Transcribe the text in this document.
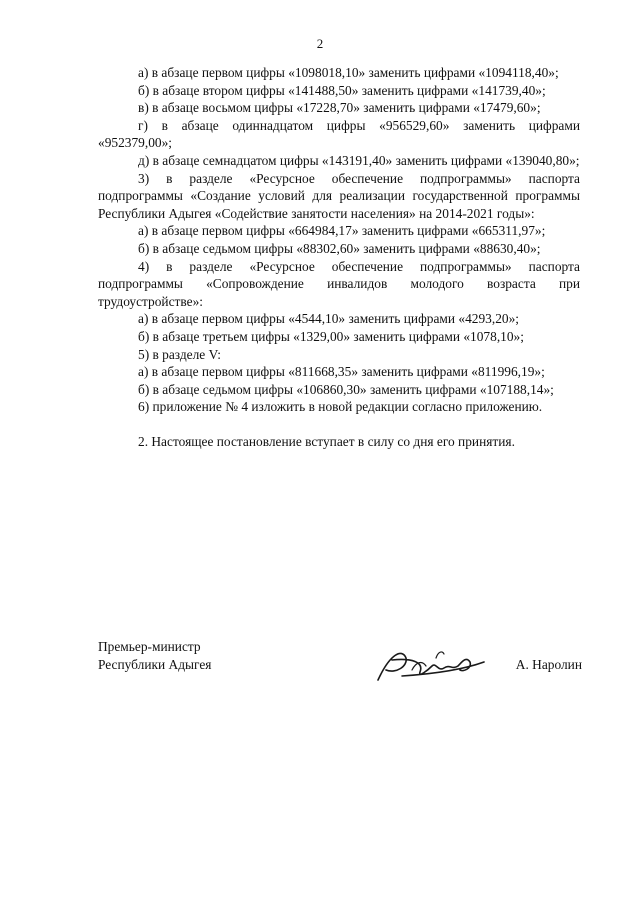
2

а) в абзаце первом цифры «1098018,10» заменить цифрами «1094118,40»;

б) в абзаце втором цифры «141488,50» заменить цифрами «141739,40»;

в) в абзаце восьмом цифры «17228,70» заменить цифрами «17479,60»;

г) в абзаце одиннадцатом цифры «956529,60» заменить цифрами «952379,00»;

д) в абзаце семнадцатом цифры «143191,40» заменить цифрами «139040,80»;

3) в разделе «Ресурсное обеспечение подпрограммы» паспорта подпрограммы «Создание условий для реализации государственной программы Республики Адыгея «Содействие занятости населения» на 2014-2021 годы»:

а) в абзаце первом цифры «664984,17» заменить цифрами «665311,97»;

б) в абзаце седьмом цифры «88302,60» заменить цифрами «88630,40»;

4) в разделе «Ресурсное обеспечение подпрограммы» паспорта подпрограммы «Сопровождение инвалидов молодого возраста при трудоустройстве»:

а) в абзаце первом цифры «4544,10» заменить цифрами «4293,20»;

б) в абзаце третьем цифры «1329,00» заменить цифрами «1078,10»;

5) в разделе V:

а) в абзаце первом цифры «811668,35» заменить цифрами «811996,19»;

б) в абзаце седьмом цифры «106860,30» заменить цифрами «107188,14»;

6) приложение № 4 изложить в новой редакции согласно приложению.

2. Настоящее постановление вступает в силу со дня его принятия.

Премьер-министр
Республики Адыгея	А. Наролин
